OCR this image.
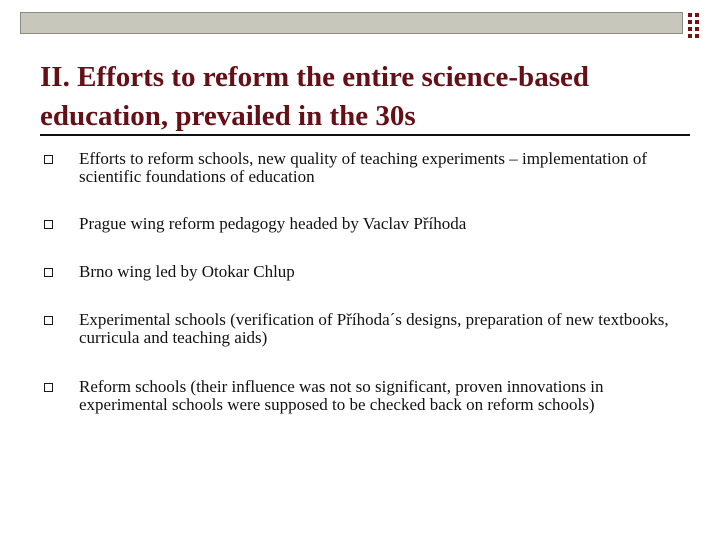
II. Efforts to reform the entire science-based education, prevailed in the 30s

Efforts to reform schools, new quality of teaching experiments – implementation of scientific foundations of education

Prague wing reform pedagogy headed by Vaclav Příhoda

Brno wing led by Otokar Chlup

Experimental schools (verification of Příhoda´s designs, preparation of new textbooks, curricula and teaching aids)

Reform schools (their influence was not so significant, proven innovations in experimental schools were supposed to be checked back on reform schools)
